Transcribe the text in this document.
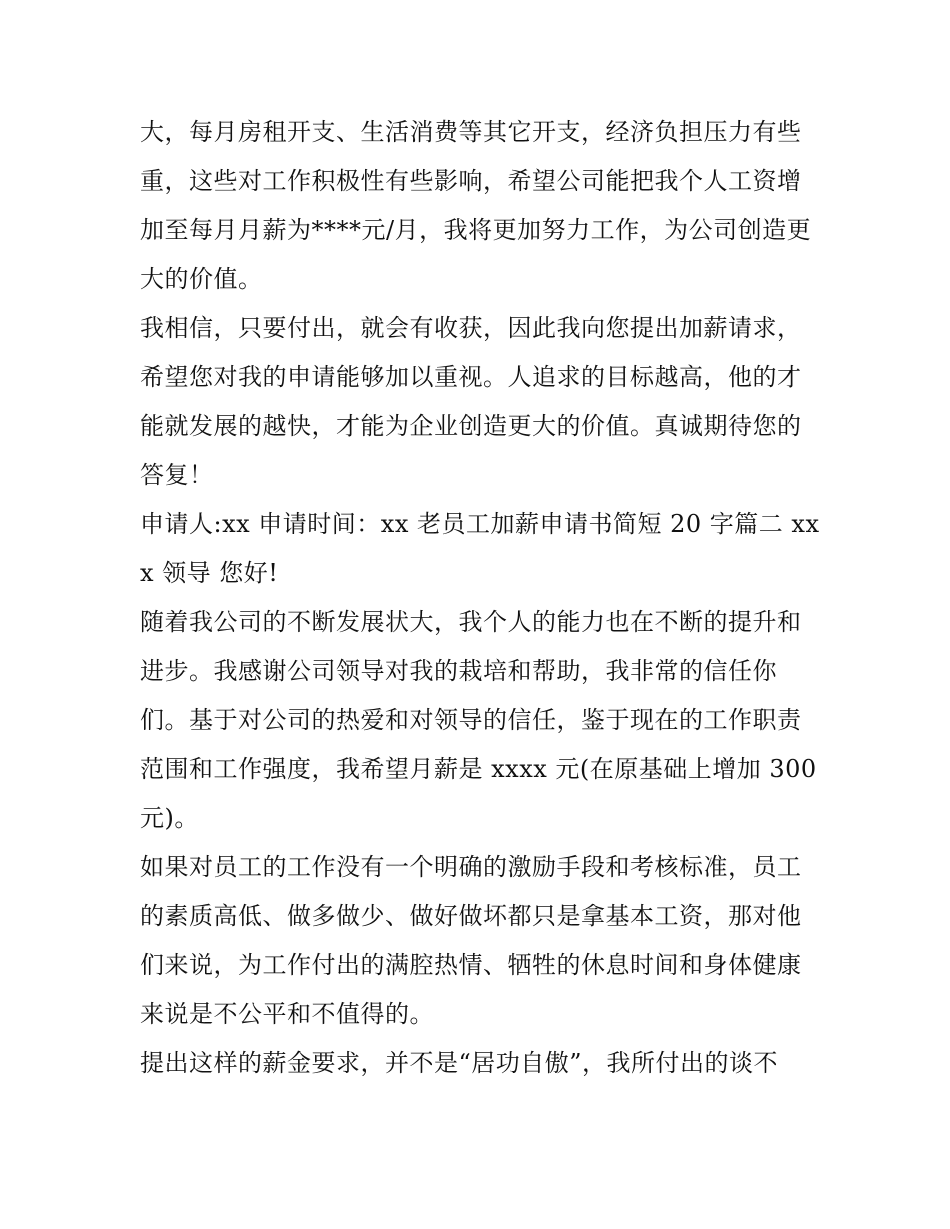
大，每月房租开支、生活消费等其它开支，经济负担压力有些重，这些对工作积极性有些影响，希望公司能把我个人工资增加至每月月薪为****元/月，我将更加努力工作，为公司创造更大的价值。

我相信，只要付出，就会有收获，因此我向您提出加薪请求，希望您对我的申请能够加以重视。人追求的目标越高，他的才能就发展的越快，才能为企业创造更大的价值。真诚期待您的答复！

申请人:xx 申请时间：xx 老员工加薪申请书简短 20 字篇二 xxx 领导 您好!

随着我公司的不断发展状大，我个人的能力也在不断的提升和进步。我感谢公司领导对我的栽培和帮助，我非常的信任你们。基于对公司的热爱和对领导的信任，鉴于现在的工作职责范围和工作强度，我希望月薪是 xxxx 元(在原基础上增加 300 元)。

如果对员工的工作没有一个明确的激励手段和考核标准，员工的素质高低、做多做少、做好做坏都只是拿基本工资，那对他们来说，为工作付出的满腔热情、牺牲的休息时间和身体健康来说是不公平和不值得的。

提出这样的薪金要求，并不是“居功自傲”，我所付出的谈不
